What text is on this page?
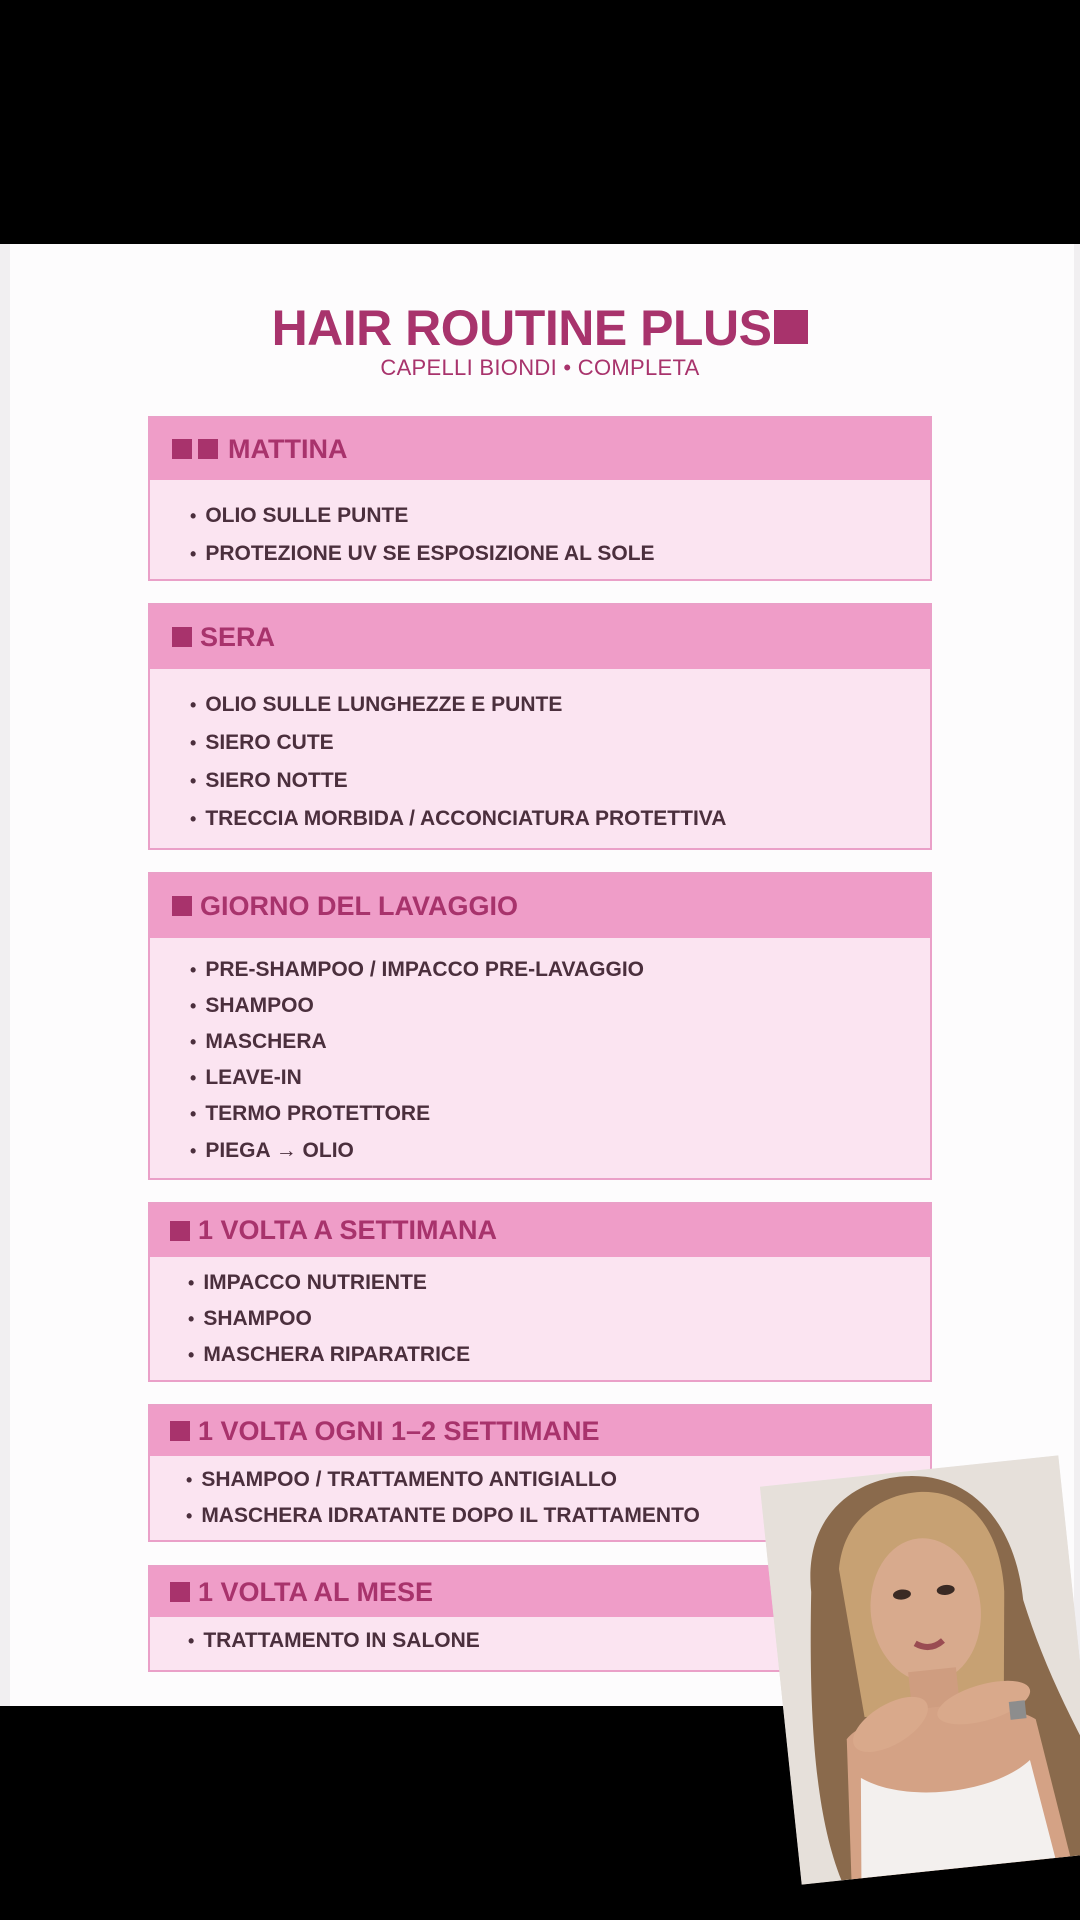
HAIR ROUTINE PLUS
CAPELLI BIONDI • COMPLETA
MATTINA
• OLIO SULLE PUNTE
• PROTEZIONE UV SE ESPOSIZIONE AL SOLE
SERA
• OLIO SULLE LUNGHEZZE E PUNTE
• SIERO CUTE
• SIERO NOTTE
• TRECCIA MORBIDA / ACCONCIATURA PROTETTIVA
GIORNO DEL LAVAGGIO
• PRE-SHAMPOO / IMPACCO PRE-LAVAGGIO
• SHAMPOO
• MASCHERA
• LEAVE-IN
• TERMO PROTETTORE
• PIEGA → OLIO
1 VOLTA A SETTIMANA
• IMPACCO NUTRIENTE
• SHAMPOO
• MASCHERA RIPARATRICE
1 VOLTA OGNI 1–2 SETTIMANE
• SHAMPOO / TRATTAMENTO ANTIGIALLO
• MASCHERA IDRATANTE DOPO IL TRATTAMENTO
1 VOLTA AL MESE
• TRATTAMENTO IN SALONE
